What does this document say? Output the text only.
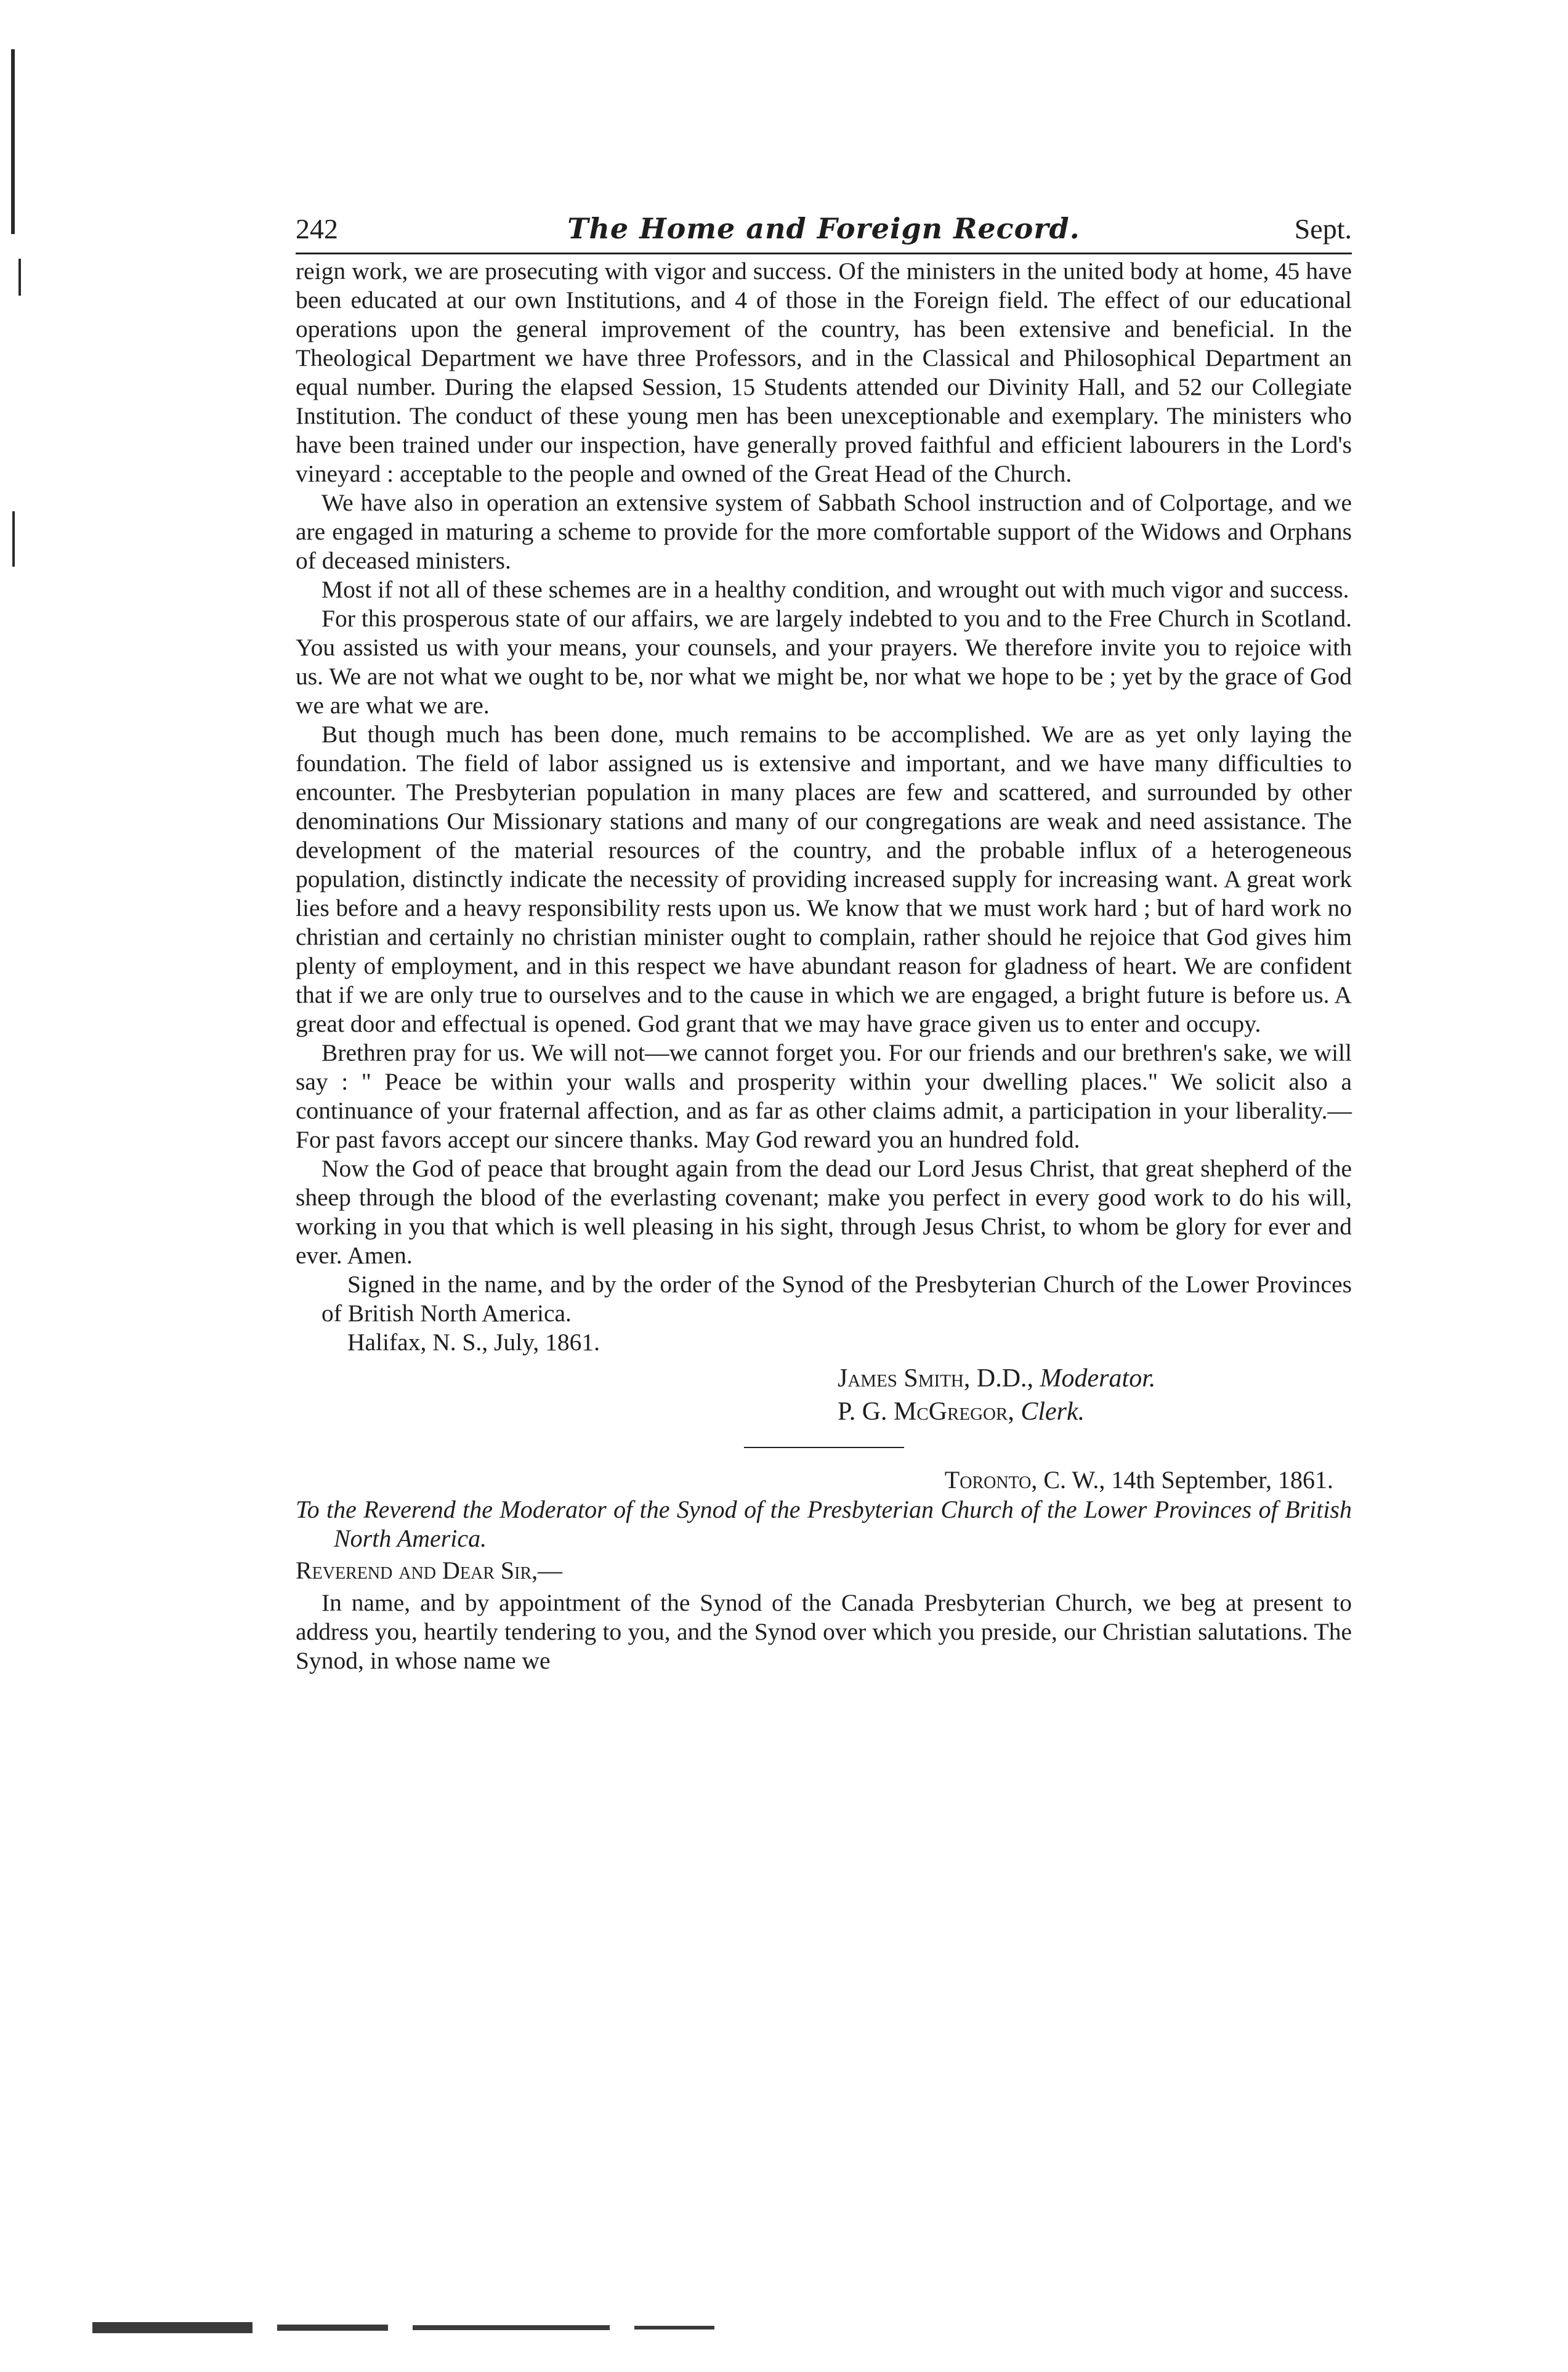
242	The Home and Foreign Record.	Sept.

reign work, we are prosecuting with vigor and success. Of the ministers in the united body at home, 45 have been educated at our own Institutions, and 4 of those in the Foreign field. The effect of our educational operations upon the general improvement of the country, has been extensive and beneficial. In the Theological Department we have three Professors, and in the Classical and Philosophical Department an equal number. During the elapsed Session, 15 Students attended our Divinity Hall, and 52 our Collegiate Institution. The conduct of these young men has been unexceptionable and exemplary. The ministers who have been trained under our inspection, have generally proved faithful and efficient labourers in the Lord's vineyard : acceptable to the people and owned of the Great Head of the Church.

We have also in operation an extensive system of Sabbath School instruction and of Colportage, and we are engaged in maturing a scheme to provide for the more comfortable support of the Widows and Orphans of deceased ministers.

Most if not all of these schemes are in a healthy condition, and wrought out with much vigor and success.

For this prosperous state of our affairs, we are largely indebted to you and to the Free Church in Scotland. You assisted us with your means, your counsels, and your prayers. We therefore invite you to rejoice with us. We are not what we ought to be, nor what we might be, nor what we hope to be ; yet by the grace of God we are what we are.

But though much has been done, much remains to be accomplished. We are as yet only laying the foundation. The field of labor assigned us is extensive and important, and we have many difficulties to encounter. The Presbyterian population in many places are few and scattered, and surrounded by other denominations Our Missionary stations and many of our congregations are weak and need assistance. The development of the material resources of the country, and the probable influx of a heterogeneous population, distinctly indicate the necessity of providing increased supply for increasing want. A great work lies before and a heavy responsibility rests upon us. We know that we must work hard ; but of hard work no christian and certainly no christian minister ought to complain, rather should he rejoice that God gives him plenty of employment, and in this respect we have abundant reason for gladness of heart. We are confident that if we are only true to ourselves and to the cause in which we are engaged, a bright future is before us. A great door and effectual is opened. God grant that we may have grace given us to enter and occupy.

Brethren pray for us. We will not—we cannot forget you. For our friends and our brethren's sake, we will say : " Peace be within your walls and prosperity within your dwelling places." We solicit also a continuance of your fraternal affection, and as far as other claims admit, a participation in your liberality.— For past favors accept our sincere thanks. May God reward you an hundred fold.

Now the God of peace that brought again from the dead our Lord Jesus Christ, that great shepherd of the sheep through the blood of the everlasting covenant; make you perfect in every good work to do his will, working in you that which is well pleasing in his sight, through Jesus Christ, to whom be glory for ever and ever. Amen.

Signed in the name, and by the order of the Synod of the Presbyterian Church of the Lower Provinces of British North America.

Halifax, N. S., July, 1861.

James Smith, D.D., Moderator.
P. G. McGregor, Clerk.
Toronto, C. W., 14th September, 1861.
To the Reverend the Moderator of the Synod of the Presbyterian Church of the Lower Provinces of British North America.
Reverend and Dear Sir,—

In name, and by appointment of the Synod of the Canada Presbyterian Church, we beg at present to address you, heartily tendering to you, and the Synod over which you preside, our Christian salutations. The Synod, in whose name we
